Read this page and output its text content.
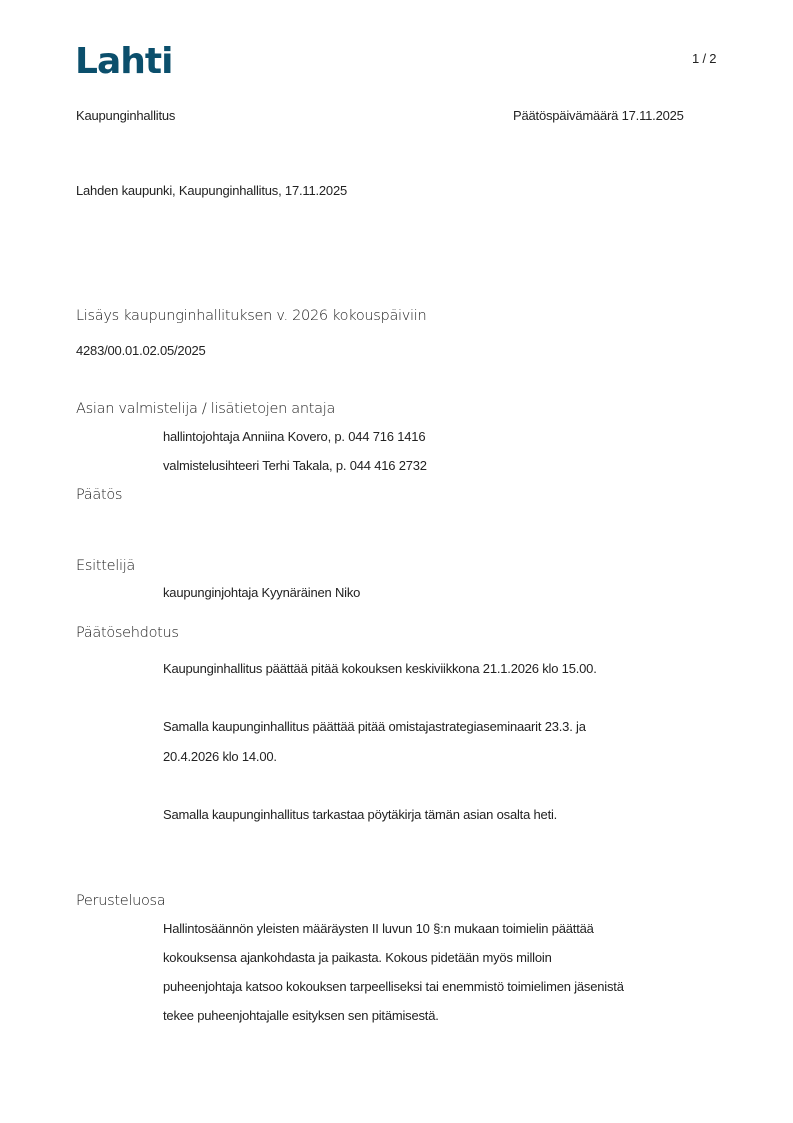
Lahti	1 / 2
Kaupunginhallitus	Päätöspäivämäärä 17.11.2025
Lahden kaupunki, Kaupunginhallitus, 17.11.2025
Lisäys kaupunginhallituksen v. 2026 kokouspäiviin
4283/00.01.02.05/2025
Asian valmistelija / lisätietojen antaja
hallintojohtaja Anniina Kovero, p. 044 716 1416
valmistelusihteeri Terhi Takala, p. 044 416 2732
Päätös
Esittelijä
kaupunginjohtaja Kyynäräinen Niko
Päätösehdotus
Kaupunginhallitus päättää pitää kokouksen keskiviikkona 21.1.2026 klo 15.00.
Samalla kaupunginhallitus päättää pitää omistajastrategiaseminaarit 23.3. ja
20.4.2026 klo 14.00.
Samalla kaupunginhallitus tarkastaa pöytäkirja tämän asian osalta heti.
Perusteluosa
Hallintosäännön yleisten määräysten II luvun 10 §:n mukaan toimielin päättää
kokouksensa ajankohdasta ja paikasta. Kokous pidetään myös milloin
puheenjohtaja katsoo kokouksen tarpeelliseksi tai enemmistö toimielimen jäsenistä
tekee puheenjohtajalle esityksen sen pitämisestä.
